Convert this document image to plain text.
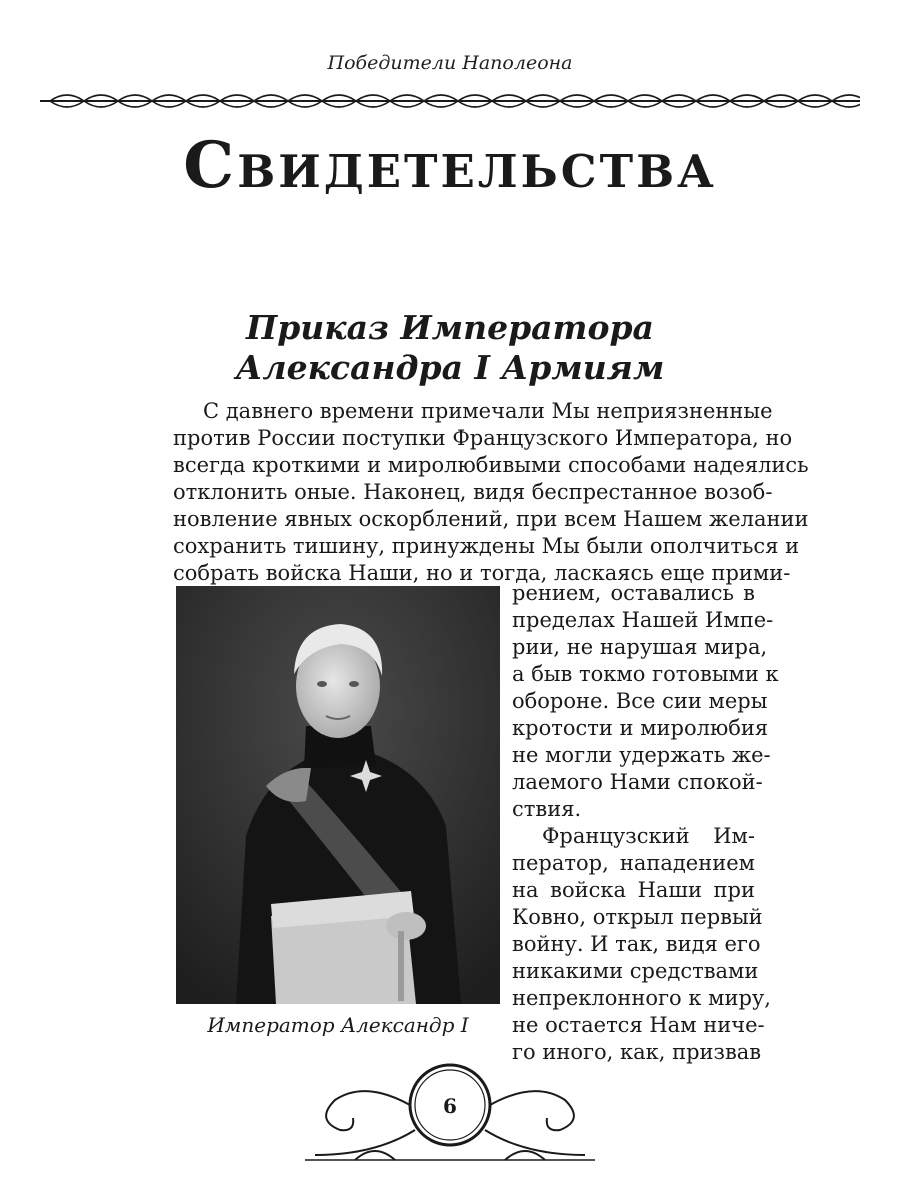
Победители Наполеона
Свидетельства
Приказ Императора
Александра I Армиям
С давнего времени примечали Мы неприязненные
против России поступки Французского Императора, но
всегда кроткими и миролюбивыми способами надеялись
отклонить оные. Наконец, видя беспрестанное возоб-
новление явных оскорблений, при всем Нашем желании
сохранить тишину, принуждены Мы были ополчиться и
собрать войска Наши, но и тогда, ласкаясь еще прими-
Император Александр I
рением, оставались в
пределах Нашей Импе-
рии, не нарушая мира,
а быв токмо готовыми к
обороне. Все сии меры
кротости и миролюбия
не могли удержать же-
лаемого Нами спокой-
ствия.
Французский Им-
ператор, нападением
на войска Наши при
Ковно, открыл первый
войну. И так, видя его
никакими средствами
непреклонного к миру,
не остается Нам ниче-
го иного, как, призвав
6
